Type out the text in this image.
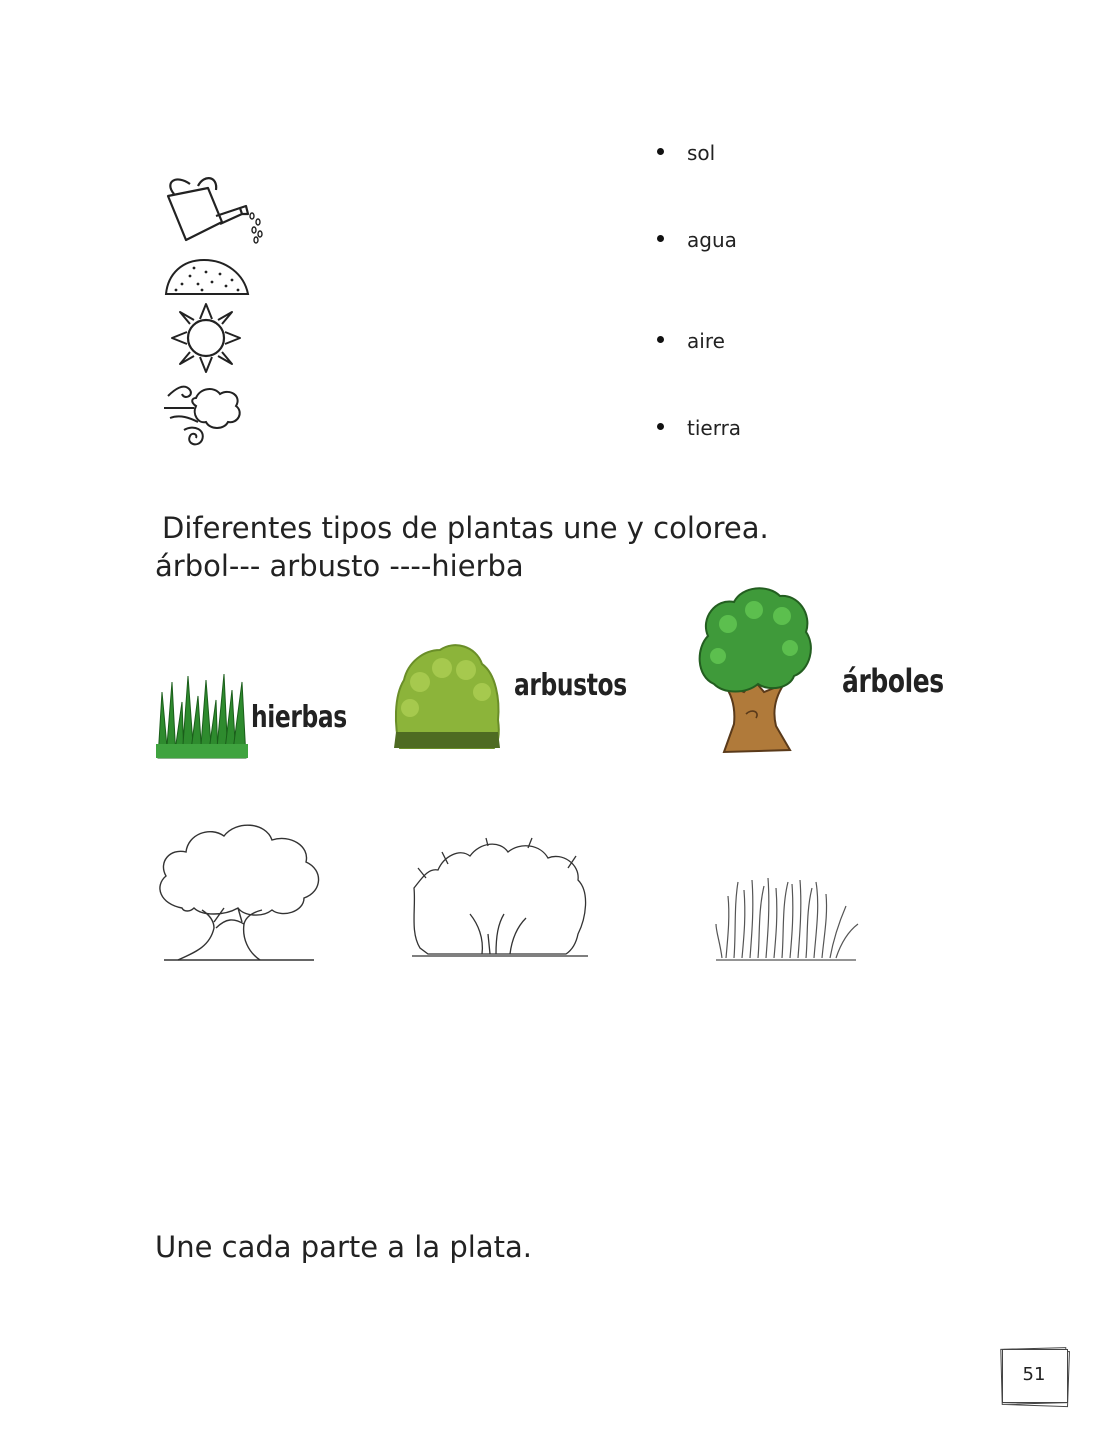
sol
agua
aire
tierra
Diferentes tipos de plantas une y colorea.
árbol--- arbusto ----hierba
hierbas
arbustos	árboles
Une cada parte a la plata.
51
